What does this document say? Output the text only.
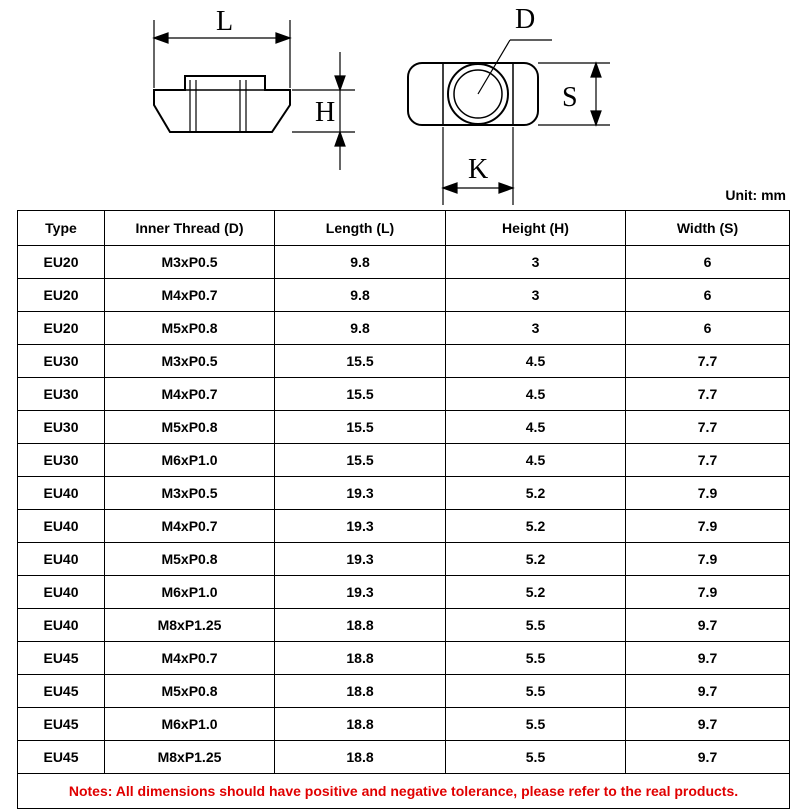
L
H
D
S
K
Unit: mm
Type	Inner Thread (D)	Length (L)	Height (H)	Width (S)
EU20	M3xP0.5	9.8	3	6
EU20	M4xP0.7	9.8	3	6
EU20	M5xP0.8	9.8	3	6
EU30	M3xP0.5	15.5	4.5	7.7
EU30	M4xP0.7	15.5	4.5	7.7
EU30	M5xP0.8	15.5	4.5	7.7
EU30	M6xP1.0	15.5	4.5	7.7
EU40	M3xP0.5	19.3	5.2	7.9
EU40	M4xP0.7	19.3	5.2	7.9
EU40	M5xP0.8	19.3	5.2	7.9
EU40	M6xP1.0	19.3	5.2	7.9
EU40	M8xP1.25	18.8	5.5	9.7
EU45	M4xP0.7	18.8	5.5	9.7
EU45	M5xP0.8	18.8	5.5	9.7
EU45	M6xP1.0	18.8	5.5	9.7
EU45	M8xP1.25	18.8	5.5	9.7
Notes: All dimensions should have positive and negative tolerance, please refer to the real products.				
